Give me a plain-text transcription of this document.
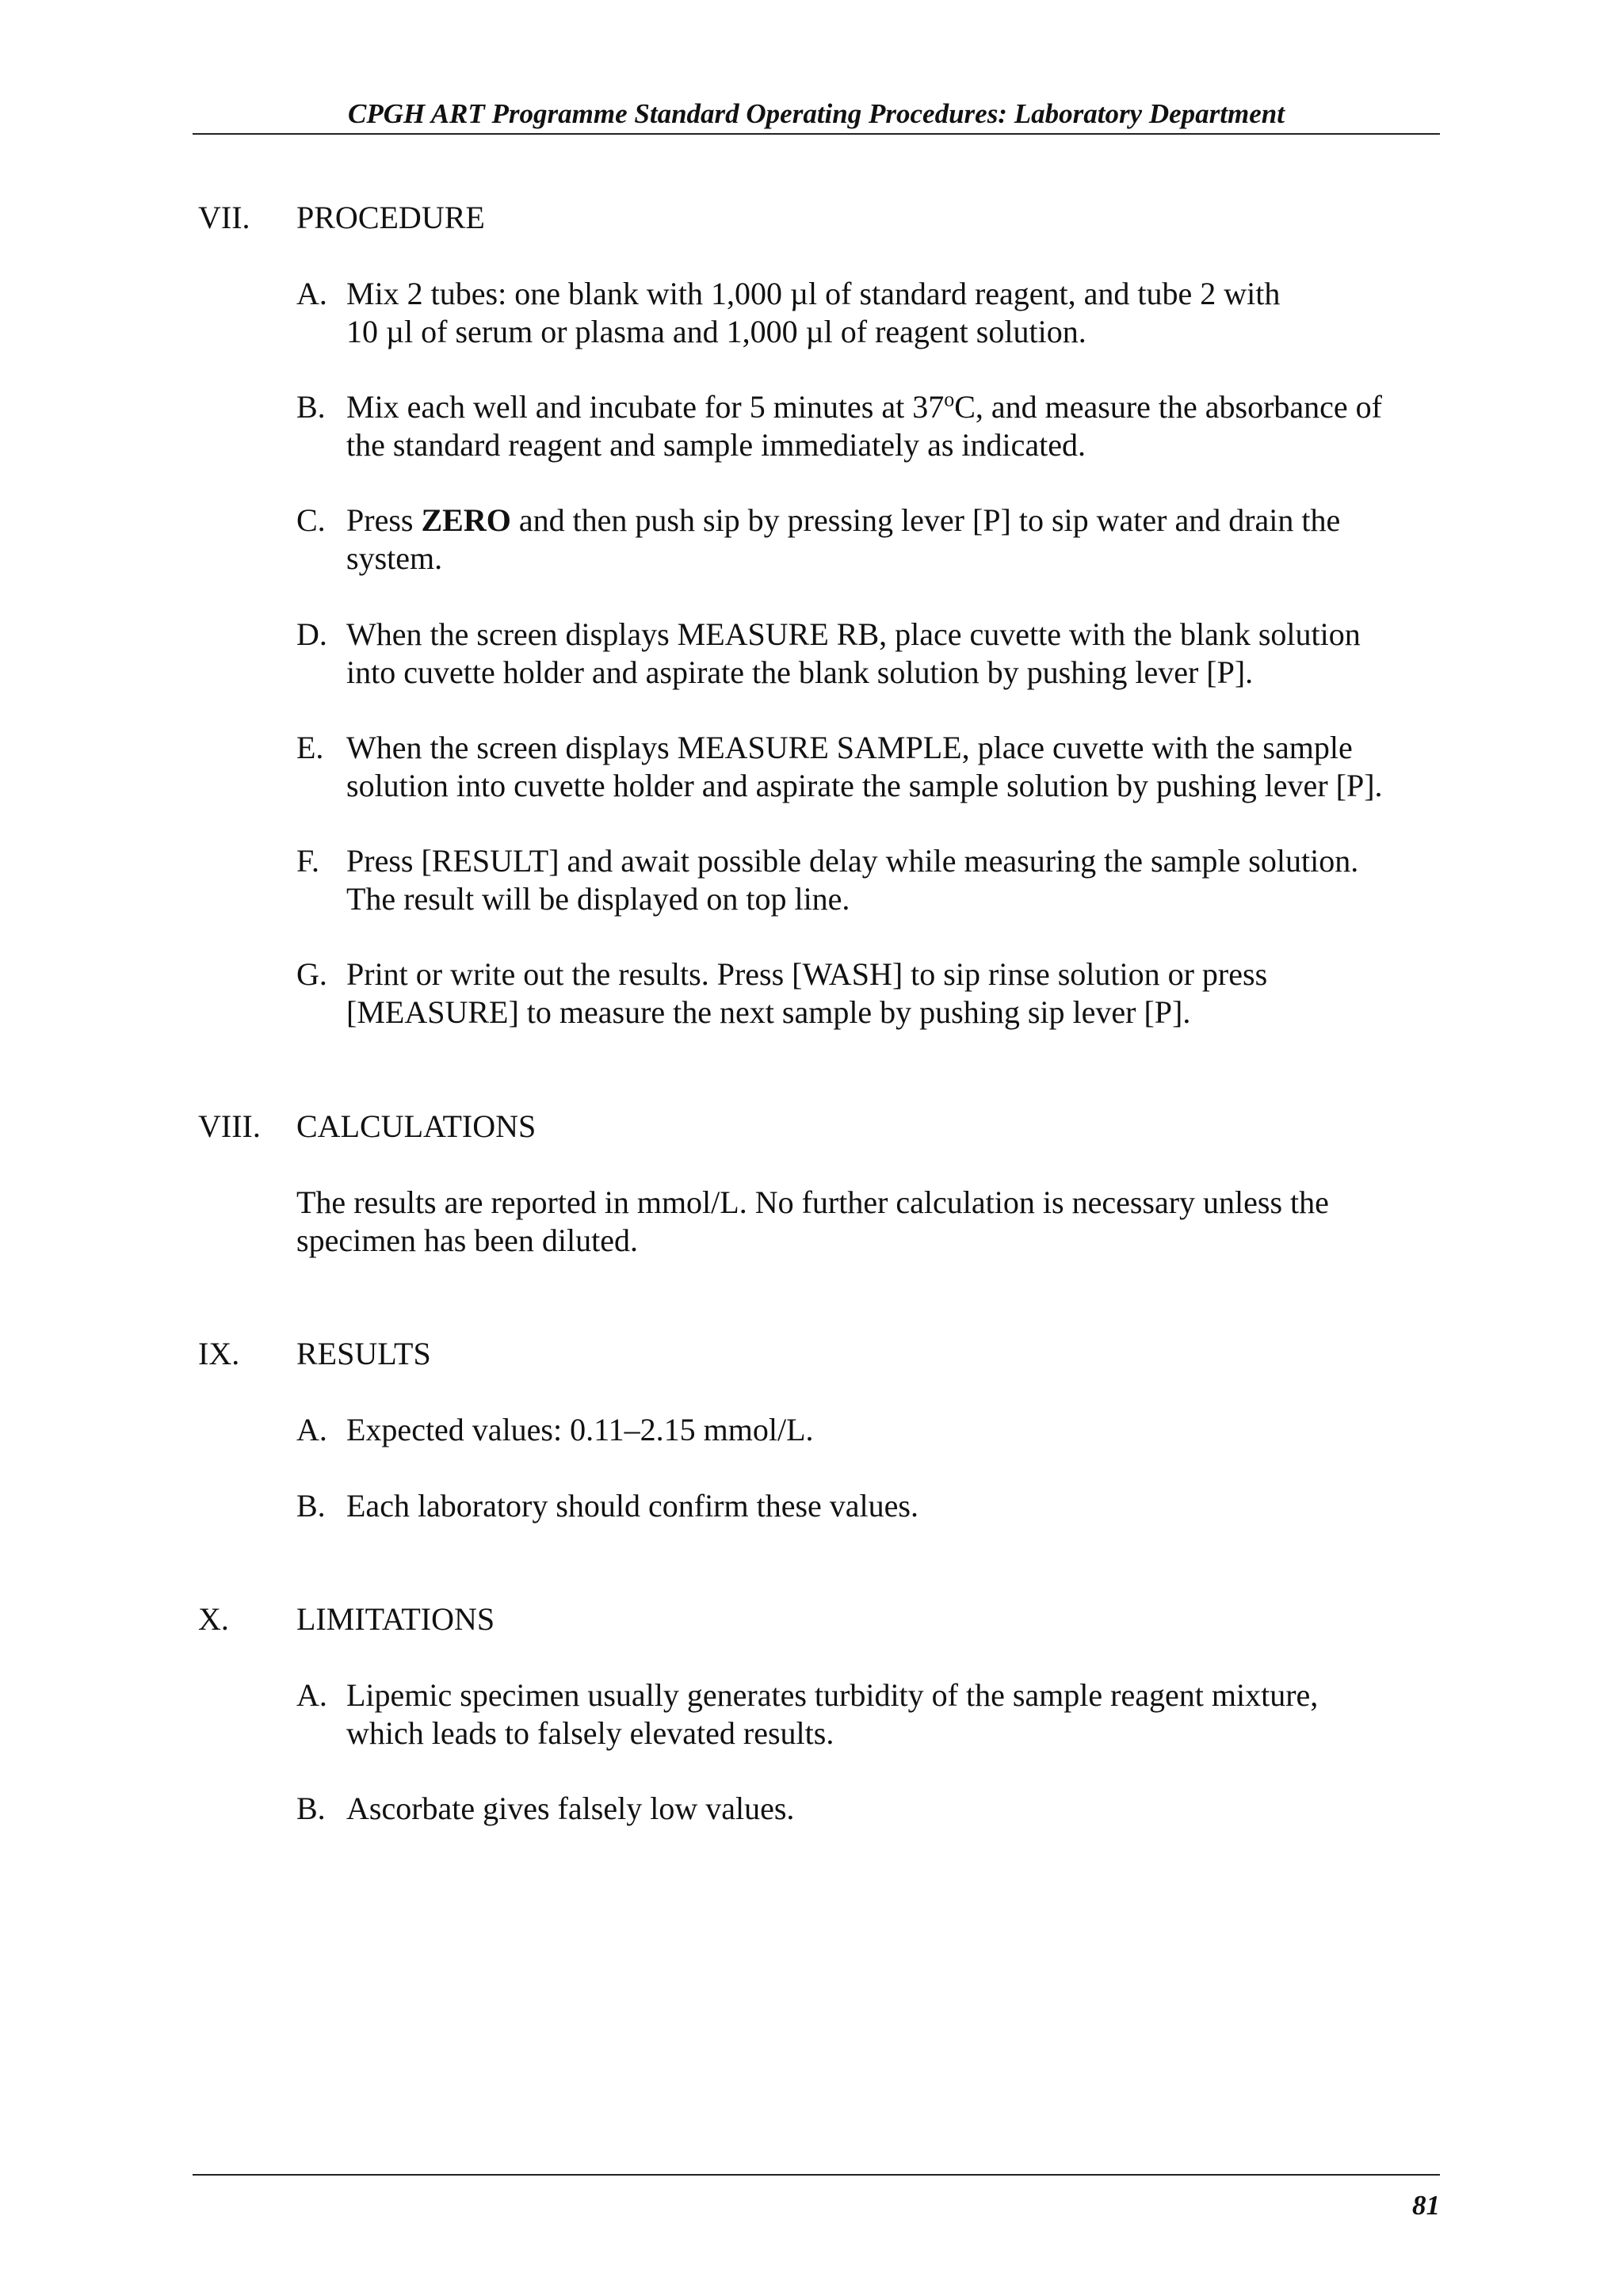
CPGH ART Programme Standard Operating Procedures: Laboratory Department
VII. PROCEDURE
A. Mix 2 tubes: one blank with 1,000 µl of standard reagent, and tube 2 with
10 µl of serum or plasma and 1,000 µl of reagent solution.
B. Mix each well and incubate for 5 minutes at 37$^o$C, and measure the absorbance of
the standard reagent and sample immediately as indicated.
C. Press ZERO and then push sip by pressing lever [P] to sip water and drain the
system.
D. When the screen displays MEASURE RB, place cuvette with the blank solution
into cuvette holder and aspirate the blank solution by pushing lever [P].
E. When the screen displays MEASURE SAMPLE, place cuvette with the sample
solution into cuvette holder and aspirate the sample solution by pushing lever [P].
F. Press [RESULT] and await possible delay while measuring the sample solution.
The result will be displayed on top line.
G. Print or write out the results. Press [WASH] to sip rinse solution or press
[MEASURE] to measure the next sample by pushing sip lever [P].
VIII. CALCULATIONS
The results are reported in mmol/L. No further calculation is necessary unless the
specimen has been diluted.
IX. RESULTS
A. Expected values: 0.11–2.15 mmol/L.
B. Each laboratory should confirm these values.
X. LIMITATIONS
A. Lipemic specimen usually generates turbidity of the sample reagent mixture,
which leads to falsely elevated results.
B. Ascorbate gives falsely low values.
81
